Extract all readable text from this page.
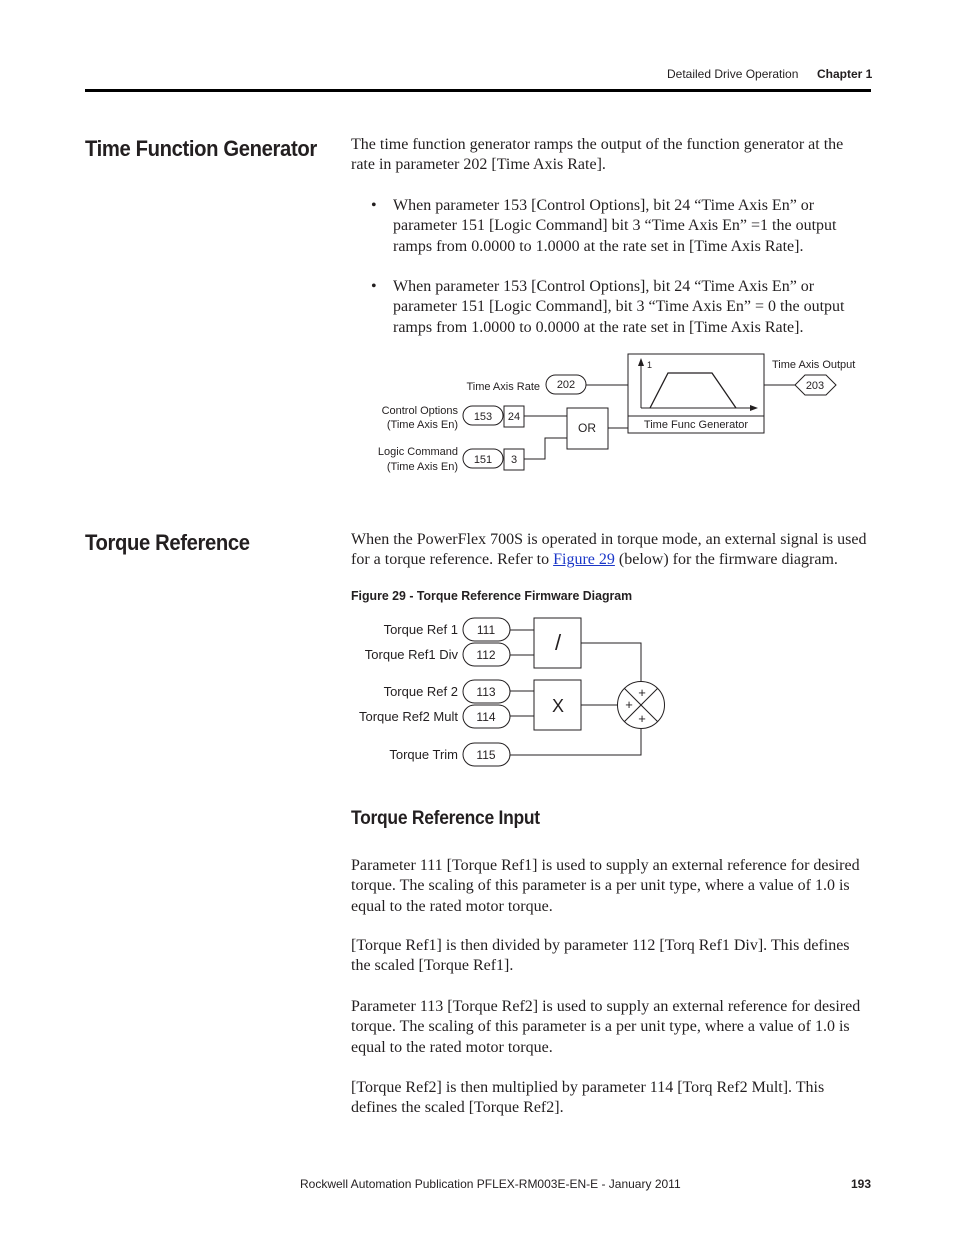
Detailed Drive Operation Chapter 1
Time Function Generator The time function generator ramps the output of the function generator at the
rate in parameter 202 [Time Axis Rate].
• When parameter 153 [Control Options], bit 24 “Time Axis En” or
parameter 151 [Logic Command] bit 3 “Time Axis En” =1 the output
ramps from 0.0000 to 1.0000 at the rate set in [Time Axis Rate].
• When parameter 153 [Control Options], bit 24 “Time Axis En” or
parameter 151 [Logic Command], bit 3 “Time Axis En” = 0 the output
ramps from 1.0000 to 0.0000 at the rate set in [Time Axis Rate].
Time Axis Output
Time Axis Rate 202
Control Options
(Time Axis En)
153 24
Logic Command
(Time Axis En)
151 3
OR	Time Func Generator
1
203
Torque Reference	When the PowerFlex 700S is operated in torque mode, an external signal is used
for a torque reference. Refer to Figure 29 (below) for the firmware diagram.
Figure 29 - Torque Reference Firmware Diagram
Torque Ref 1 111
Torque Ref1 Div 112	/
Torque Ref 2 113
Torque Ref2 Mult 114
X
Torque Trim 115
+
+
+
Torque Reference Input
Parameter 111 [Torque Ref1] is used to supply an external reference for desired
torque. The scaling of this parameter is a per unit type, where a value of 1.0 is
equal to the rated motor torque.
[Torque Ref1] is then divided by parameter 112 [Torq Ref1 Div]. This defines
the scaled [Torque Ref1].
Parameter 113 [Torque Ref2] is used to supply an external reference for desired
torque. The scaling of this parameter is a per unit type, where a value of 1.0 is
equal to the rated motor torque.
[Torque Ref2] is then multiplied by parameter 114 [Torq Ref2 Mult]. This
defines the scaled [Torque Ref2].
Rockwell Automation Publication PFLEX-RM003E-EN-E - January 2011	193
